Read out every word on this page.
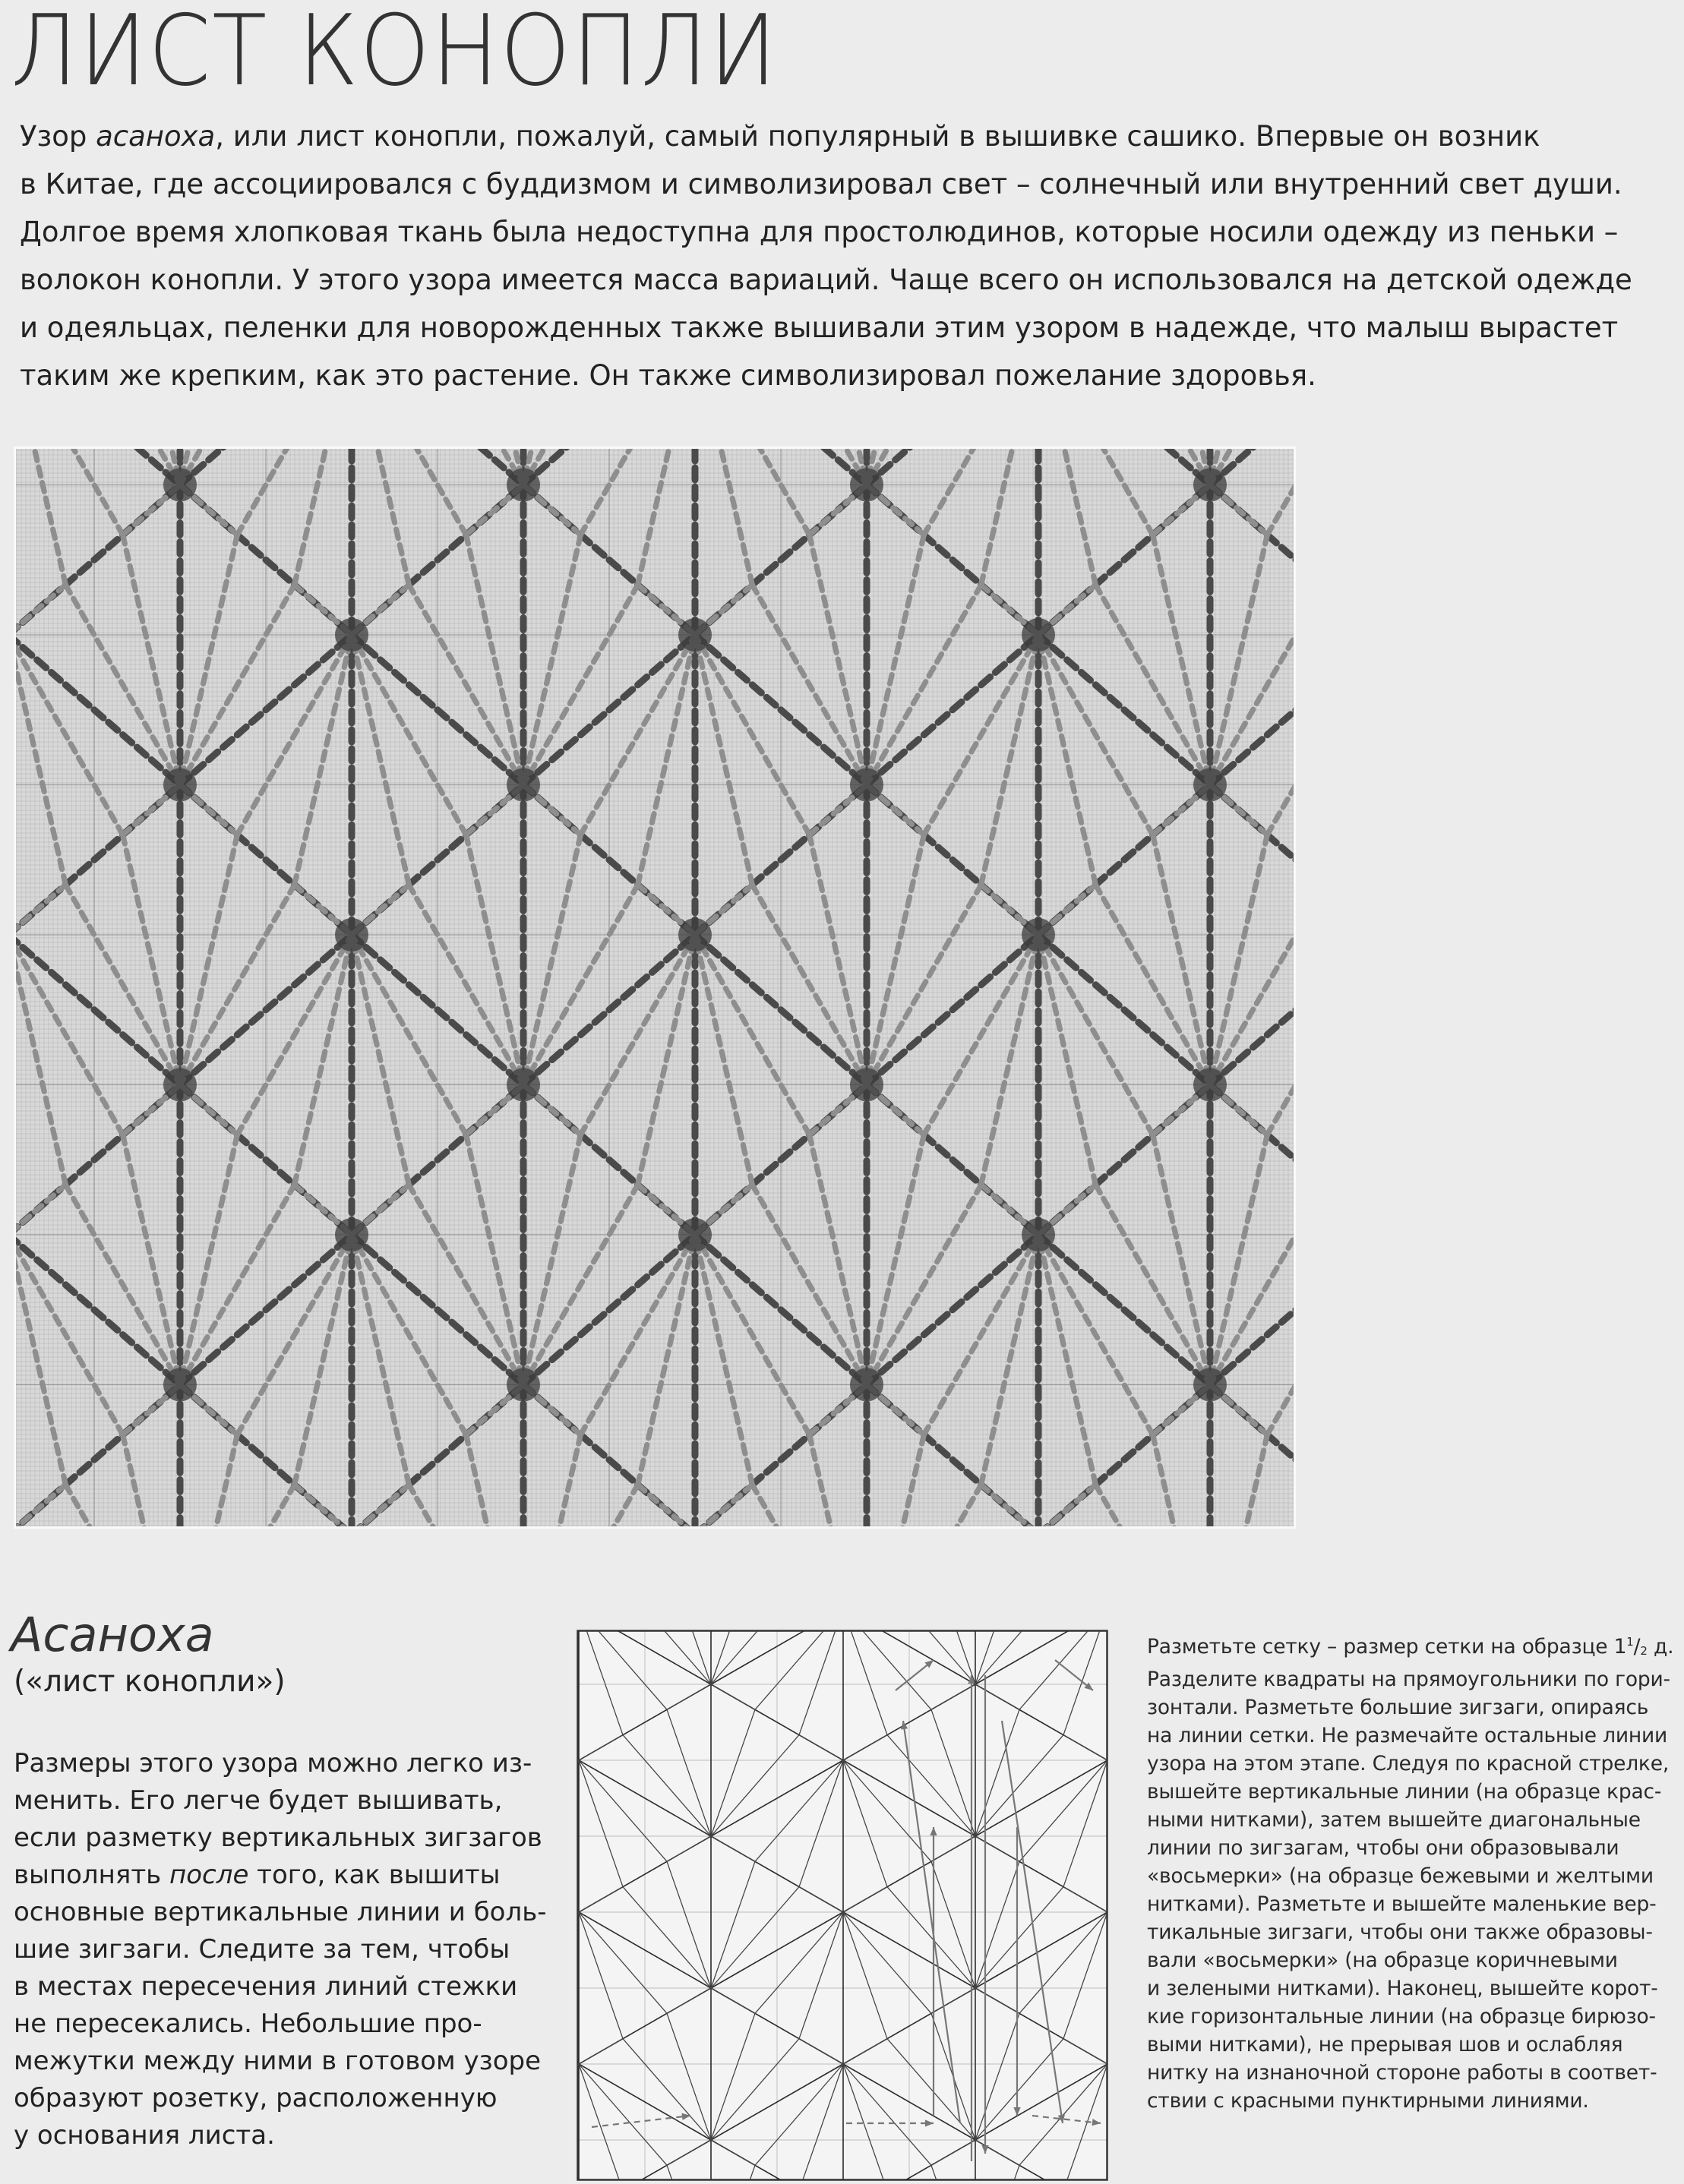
ЛИСТ КОНОПЛИ

Узор асаноха, или лист конопли, пожалуй, самый популярный в вышивке сашико. Впервые он возник

в Китае, где ассоциировался с буддизмом и символизировал свет – солнечный или внутренний свет души.

Долгое время хлопковая ткань была недоступна для простолюдинов, которые носили одежду из пеньки –

волокон конопли. У этого узора имеется масса вариаций. Чаще всего он использовался на детской одежде

и одеяльцах, пеленки для новорожденных также вышивали этим узором в надежде, что малыш вырастет

таким же крепким, как это растение. Он также символизировал пожелание здоровья.

Асаноха
(«лист конопли»)

Размеры этого узора можно легко из-

менить. Его легче будет вышивать,

если разметку вертикальных зигзагов

выполнять после того, как вышиты

основные вертикальные линии и боль-

шие зигзаги. Следите за тем, чтобы

в местах пересечения линий стежки

не пересекались. Небольшие про-

межутки между ними в готовом узоре

образуют розетку, расположенную

у основания листа.

Разметьте сетку – размер сетки на образце $1^1/_2$ д.

Разделите квадраты на прямоугольники по гори-

зонтали. Разметьте большие зигзаги, опираясь

на линии сетки. Не размечайте остальные линии

узора на этом этапе. Следуя по красной стрелке,

вышейте вертикальные линии (на образце крас-

ными нитками), затем вышейте диагональные

линии по зигзагам, чтобы они образовывали

«восьмерки» (на образце бежевыми и желтыми

нитками). Разметьте и вышейте маленькие вер-

тикальные зигзаги, чтобы они также образовы-

вали «восьмерки» (на образце коричневыми

и зелеными нитками). Наконец, вышейте корот-

кие горизонтальные линии (на образце бирюзо-

выми нитками), не прерывая шов и ослабляя

нитку на изнаночной стороне работы в соответ-

ствии с красными пунктирными линиями.
